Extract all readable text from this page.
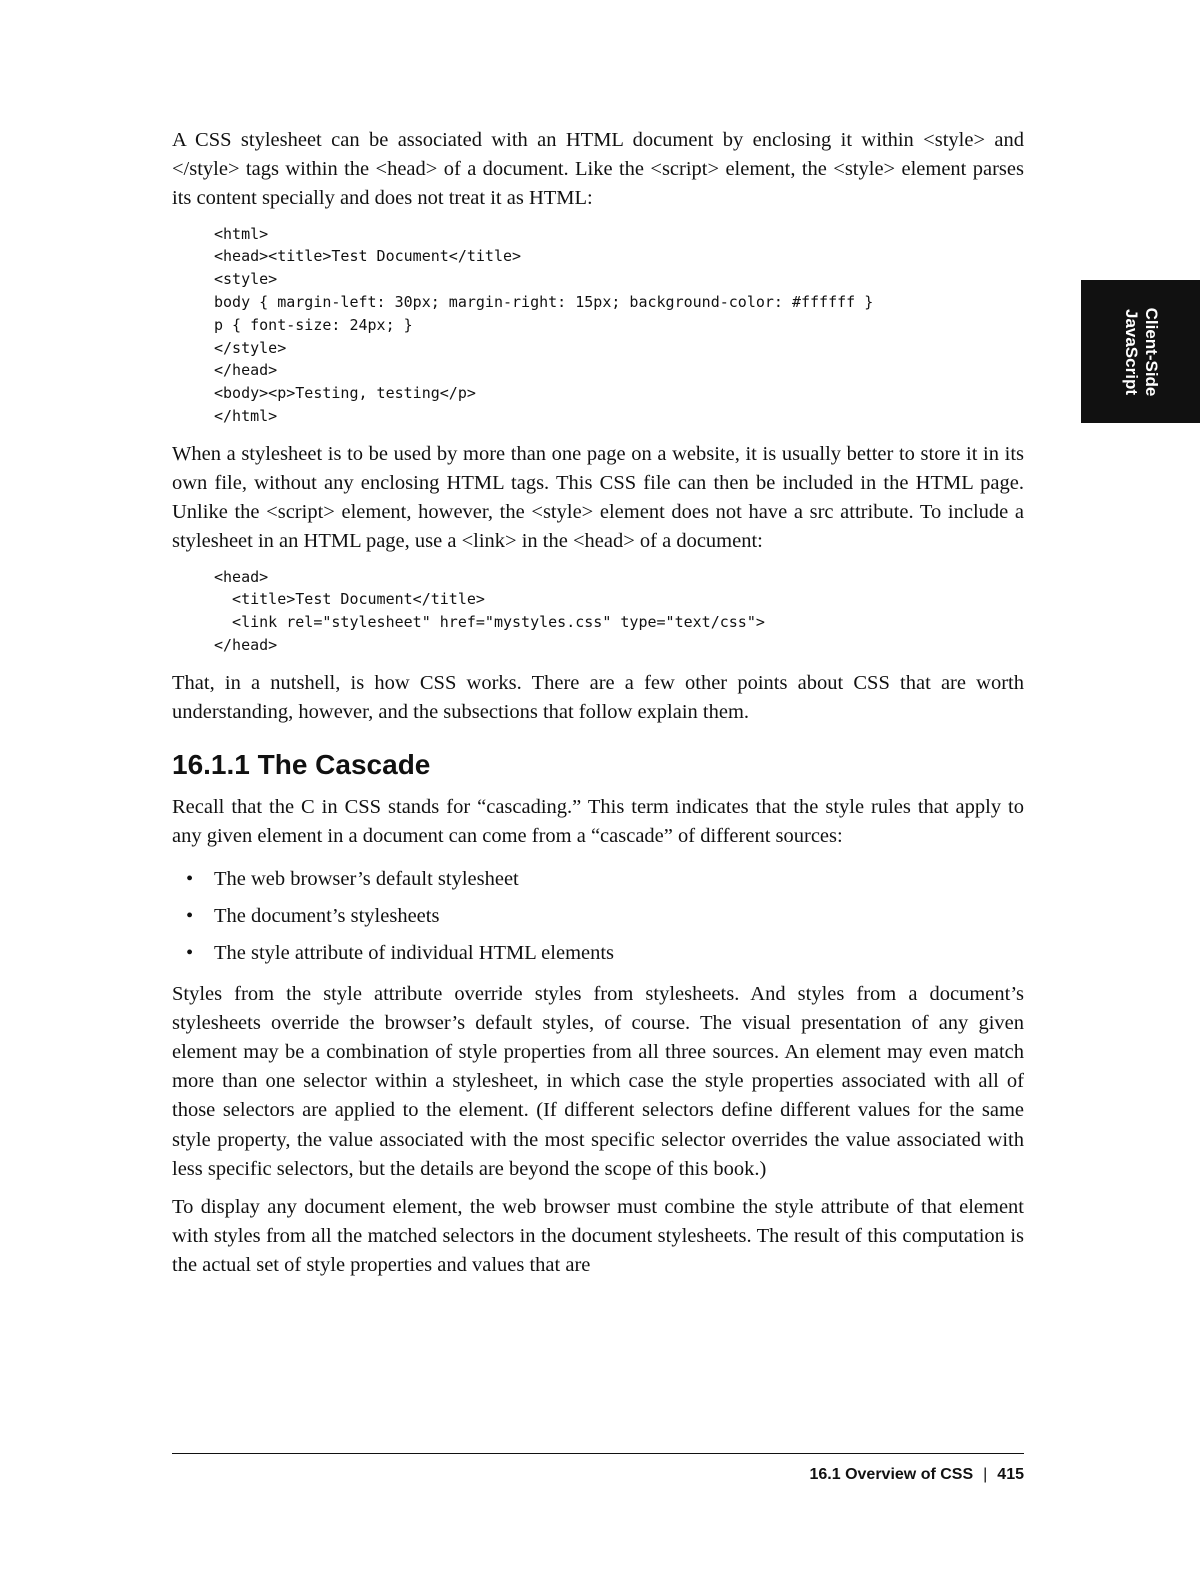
A CSS stylesheet can be associated with an HTML document by enclosing it within <style> and </style> tags within the <head> of a document. Like the <script> element, the <style> element parses its content specially and does not treat it as HTML:

<html>
<head><title>Test Document</title>
<style>
body { margin-left: 30px; margin-right: 15px; background-color: #ffffff }
p { font-size: 24px; }
</style>
</head>
<body><p>Testing, testing</p>
</html>

When a stylesheet is to be used by more than one page on a website, it is usually better to store it in its own file, without any enclosing HTML tags. This CSS file can then be included in the HTML page. Unlike the <script> element, however, the <style> element does not have a src attribute. To include a stylesheet in an HTML page, use a <link> in the <head> of a document:

<head>
<title>Test Document</title>
<link rel="stylesheet" href="mystyles.css" type="text/css">
</head>

That, in a nutshell, is how CSS works. There are a few other points about CSS that are worth understanding, however, and the subsections that follow explain them.

16.1.1 The Cascade

Recall that the C in CSS stands for “cascading.” This term indicates that the style rules that apply to any given element in a document can come from a “cascade” of different sources:

• The web browser’s default stylesheet
• The document’s stylesheets
• The style attribute of individual HTML elements

Styles from the style attribute override styles from stylesheets. And styles from a document’s stylesheets override the browser’s default styles, of course. The visual presentation of any given element may be a combination of style properties from all three sources. An element may even match more than one selector within a stylesheet, in which case the style properties associated with all of those selectors are applied to the element. (If different selectors define different values for the same style property, the value associated with the most specific selector overrides the value associated with less specific selectors, but the details are beyond the scope of this book.)

To display any document element, the web browser must combine the style attribute of that element with styles from all the matched selectors in the document stylesheets. The result of this computation is the actual set of style properties and values that are

Client-Side
JavaScript
16.1 Overview of CSS | 415
